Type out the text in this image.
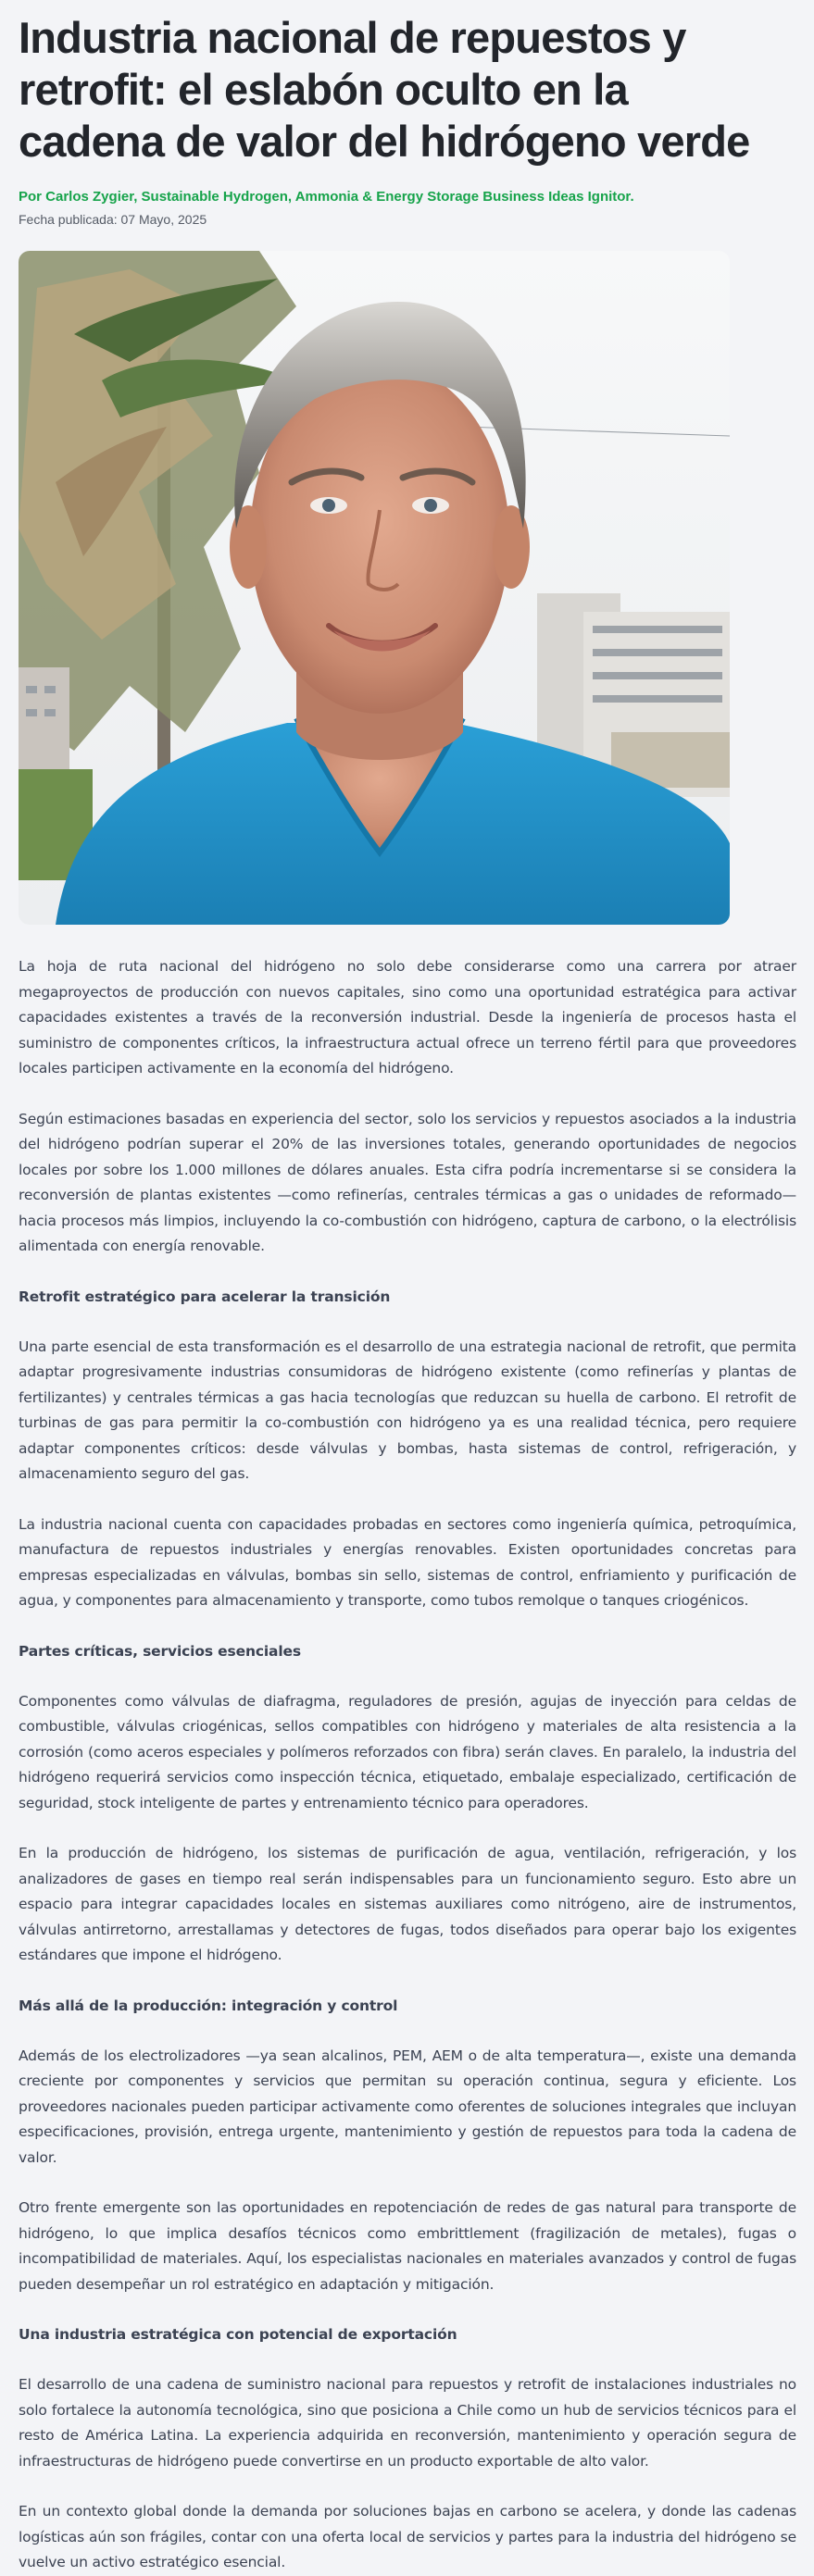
Industria nacional de repuestos y retrofit: el eslabón oculto en la cadena de valor del hidrógeno verde
Por Carlos Zygier, Sustainable Hydrogen, Ammonia & Energy Storage Business Ideas Ignitor.
Fecha publicada: 07 Mayo, 2025

La hoja de ruta nacional del hidrógeno no solo debe considerarse como una carrera por atraer megaproyectos de producción con nuevos capitales, sino como una oportunidad estratégica para activar capacidades existentes a través de la reconversión industrial. Desde la ingeniería de procesos hasta el suministro de componentes críticos, la infraestructura actual ofrece un terreno fértil para que proveedores locales participen activamente en la economía del hidrógeno.

Según estimaciones basadas en experiencia del sector, solo los servicios y repuestos asociados a la industria del hidrógeno podrían superar el 20% de las inversiones totales, generando oportunidades de negocios locales por sobre los 1.000 millones de dólares anuales. Esta cifra podría incrementarse si se considera la reconversión de plantas existentes —como refinerías, centrales térmicas a gas o unidades de reformado— hacia procesos más limpios, incluyendo la co-combustión con hidrógeno, captura de carbono, o la electrólisis alimentada con energía renovable.

Retrofit estratégico para acelerar la transición

Una parte esencial de esta transformación es el desarrollo de una estrategia nacional de retrofit, que permita adaptar progresivamente industrias consumidoras de hidrógeno existente (como refinerías y plantas de fertilizantes) y centrales térmicas a gas hacia tecnologías que reduzcan su huella de carbono. El retrofit de turbinas de gas para permitir la co-combustión con hidrógeno ya es una realidad técnica, pero requiere adaptar componentes críticos: desde válvulas y bombas, hasta sistemas de control, refrigeración, y almacenamiento seguro del gas.

La industria nacional cuenta con capacidades probadas en sectores como ingeniería química, petroquímica, manufactura de repuestos industriales y energías renovables. Existen oportunidades concretas para empresas especializadas en válvulas, bombas sin sello, sistemas de control, enfriamiento y purificación de agua, y componentes para almacenamiento y transporte, como tubos remolque o tanques criogénicos.

Partes críticas, servicios esenciales

Componentes como válvulas de diafragma, reguladores de presión, agujas de inyección para celdas de combustible, válvulas criogénicas, sellos compatibles con hidrógeno y materiales de alta resistencia a la corrosión (como aceros especiales y polímeros reforzados con fibra) serán claves. En paralelo, la industria del hidrógeno requerirá servicios como inspección técnica, etiquetado, embalaje especializado, certificación de seguridad, stock inteligente de partes y entrenamiento técnico para operadores.

En la producción de hidrógeno, los sistemas de purificación de agua, ventilación, refrigeración, y los analizadores de gases en tiempo real serán indispensables para un funcionamiento seguro. Esto abre un espacio para integrar capacidades locales en sistemas auxiliares como nitrógeno, aire de instrumentos, válvulas antirretorno, arrestallamas y detectores de fugas, todos diseñados para operar bajo los exigentes estándares que impone el hidrógeno.

Más allá de la producción: integración y control

Además de los electrolizadores —ya sean alcalinos, PEM, AEM o de alta temperatura—, existe una demanda creciente por componentes y servicios que permitan su operación continua, segura y eficiente. Los proveedores nacionales pueden participar activamente como oferentes de soluciones integrales que incluyan especificaciones, provisión, entrega urgente, mantenimiento y gestión de repuestos para toda la cadena de valor.

Otro frente emergente son las oportunidades en repotenciación de redes de gas natural para transporte de hidrógeno, lo que implica desafíos técnicos como embrittlement (fragilización de metales), fugas o incompatibilidad de materiales. Aquí, los especialistas nacionales en materiales avanzados y control de fugas pueden desempeñar un rol estratégico en adaptación y mitigación.

Una industria estratégica con potencial de exportación

El desarrollo de una cadena de suministro nacional para repuestos y retrofit de instalaciones industriales no solo fortalece la autonomía tecnológica, sino que posiciona a Chile como un hub de servicios técnicos para el resto de América Latina. La experiencia adquirida en reconversión, mantenimiento y operación segura de infraestructuras de hidrógeno puede convertirse en un producto exportable de alto valor.

En un contexto global donde la demanda por soluciones bajas en carbono se acelera, y donde las cadenas logísticas aún son frágiles, contar con una oferta local de servicios y partes para la industria del hidrógeno se vuelve un activo estratégico esencial.
